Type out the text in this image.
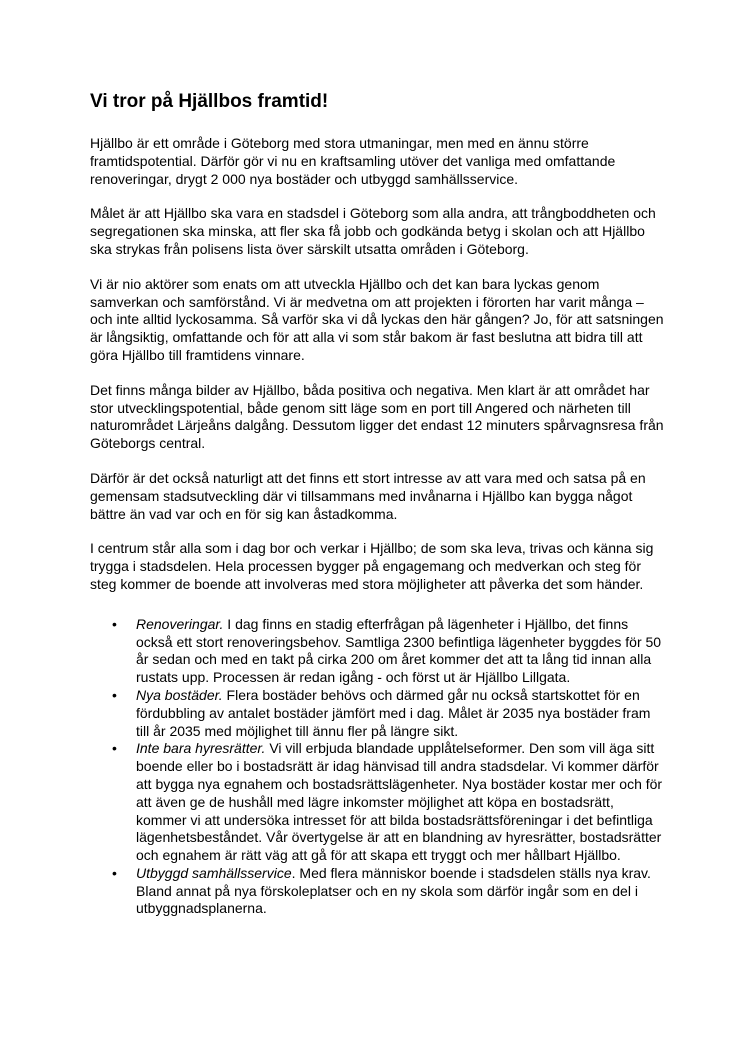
Vi tror på Hjällbos framtid!

Hjällbo är ett område i Göteborg med stora utmaningar, men med en ännu större framtidspotential. Därför gör vi nu en kraftsamling utöver det vanliga med omfattande renoveringar, drygt 2 000 nya bostäder och utbyggd samhällsservice.

Målet är att Hjällbo ska vara en stadsdel i Göteborg som alla andra, att trångboddheten och segregationen ska minska, att fler ska få jobb och godkända betyg i skolan och att Hjällbo ska strykas från polisens lista över särskilt utsatta områden i Göteborg.

Vi är nio aktörer som enats om att utveckla Hjällbo och det kan bara lyckas genom samverkan och samförstånd. Vi är medvetna om att projekten i förorten har varit många – och inte alltid lyckosamma. Så varför ska vi då lyckas den här gången? Jo, för att satsningen är långsiktig, omfattande och för att alla vi som står bakom är fast beslutna att bidra till att göra Hjällbo till framtidens vinnare.

Det finns många bilder av Hjällbo, båda positiva och negativa. Men klart är att området har stor utvecklingspotential, både genom sitt läge som en port till Angered och närheten till naturområdet Lärjeåns dalgång. Dessutom ligger det endast 12 minuters spårvagnsresa från Göteborgs central.

Därför är det också naturligt att det finns ett stort intresse av att vara med och satsa på en gemensam stadsutveckling där vi tillsammans med invånarna i Hjällbo kan bygga något bättre än vad var och en för sig kan åstadkomma.

I centrum står alla som i dag bor och verkar i Hjällbo; de som ska leva, trivas och känna sig trygga i stadsdelen. Hela processen bygger på engagemang och medverkan och steg för steg kommer de boende att involveras med stora möjligheter att påverka det som händer.

• Renoveringar. I dag finns en stadig efterfrågan på lägenheter i Hjällbo, det finns också ett stort renoveringsbehov. Samtliga 2300 befintliga lägenheter byggdes för 50 år sedan och med en takt på cirka 200 om året kommer det att ta lång tid innan alla rustats upp. Processen är redan igång - och först ut är Hjällbo Lillgata.
• Nya bostäder. Flera bostäder behövs och därmed går nu också startskottet för en fördubbling av antalet bostäder jämfört med i dag. Målet är 2035 nya bostäder fram till år 2035 med möjlighet till ännu fler på längre sikt.
• Inte bara hyresrätter. Vi vill erbjuda blandade upplåtelseformer. Den som vill äga sitt boende eller bo i bostadsrätt är idag hänvisad till andra stadsdelar. Vi kommer därför att bygga nya egnahem och bostadsrättslägenheter. Nya bostäder kostar mer och för att även ge de hushåll med lägre inkomster möjlighet att köpa en bostadsrätt, kommer vi att undersöka intresset för att bilda bostadsrättsföreningar i det befintliga lägenhetsbeståndet. Vår övertygelse är att en blandning av hyresrätter, bostadsrätter och egnahem är rätt väg att gå för att skapa ett tryggt och mer hållbart Hjällbo.
• Utbyggd samhällsservice. Med flera människor boende i stadsdelen ställs nya krav. Bland annat på nya förskoleplatser och en ny skola som därför ingår som en del i utbyggnadsplanerna.
